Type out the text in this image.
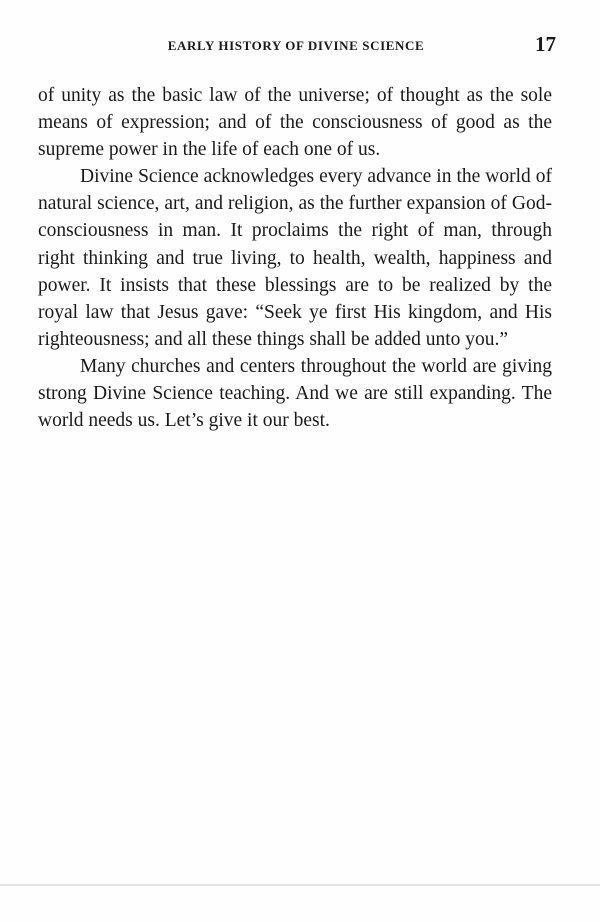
EARLY HISTORY OF DIVINE SCIENCE	17

of unity as the basic law of the universe; of thought as the sole means of expression; and of the consciousness of good as the supreme power in the life of each one of us.

Divine Science acknowledges every advance in the world of natural science, art, and religion, as the further expansion of God-consciousness in man. It proclaims the right of man, through right thinking and true living, to health, wealth, happiness and power. It insists that these blessings are to be realized by the royal law that Jesus gave: “Seek ye first His kingdom, and His righteousness; and all these things shall be added unto you.”

Many churches and centers throughout the world are giving strong Divine Science teaching. And we are still expanding. The world needs us. Let’s give it our best.
